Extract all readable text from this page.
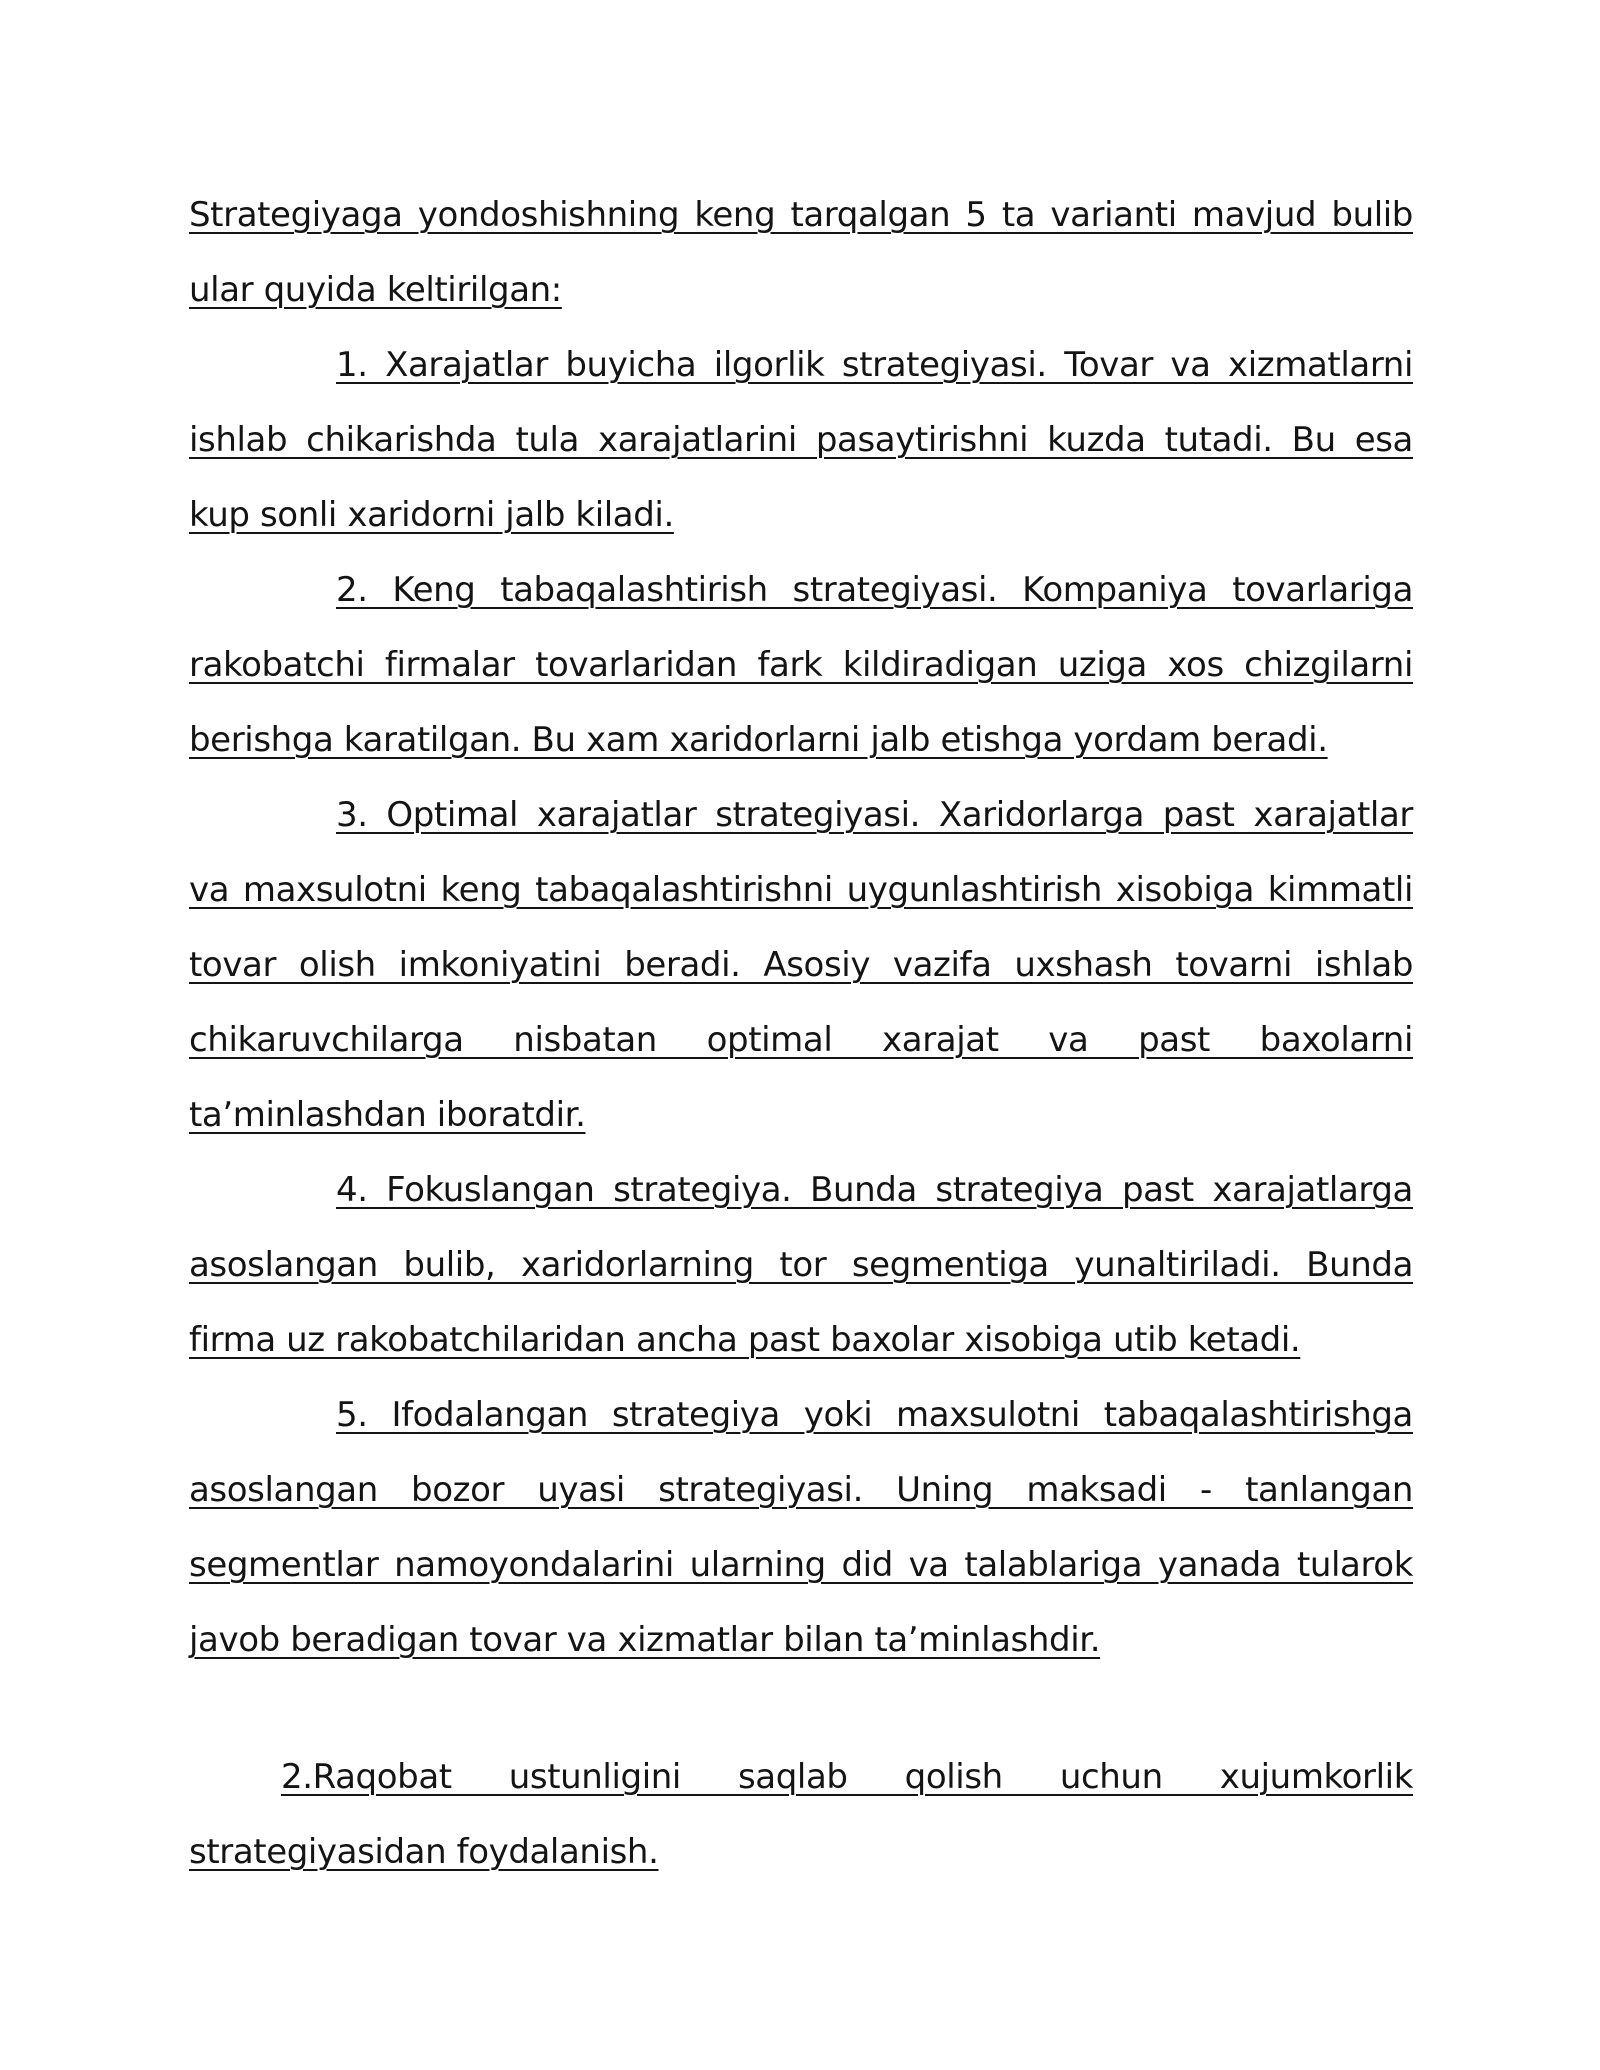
Strategiyaga yondoshishning keng tarqalgan 5 ta varianti mavjud bulib ular quyida keltirilgan:

1. Xarajatlar buyicha ilgorlik strategiyasi. Tovar va xizmatlarni ishlab chikarishda tula xarajatlarini pasaytirishni kuzda tutadi. Bu esa kup sonli xaridorni jalb kiladi.

2. Keng tabaqalashtirish strategiyasi. Kompaniya tovarlariga rakobatchi firmalar tovarlaridan fark kildiradigan uziga xos chizgilarni berishga karatilgan. Bu xam xaridorlarni jalb etishga yordam beradi.

3. Optimal xarajatlar strategiyasi. Xaridorlarga past xarajatlar va maxsulotni keng tabaqalashtirishni uygunlashtirish xisobiga kimmatli tovar olish imkoniyatini beradi. Asosiy vazifa uxshash tovarni ishlab chikaruvchilarga nisbatan optimal xarajat va past baxolarni ta’minlashdan iboratdir.

4. Fokuslangan strategiya. Bunda strategiya past xarajatlarga asoslangan bulib, xaridorlarning tor segmentiga yunaltiriladi. Bunda firma uz rakobatchilaridan ancha past baxolar xisobiga utib ketadi.

5. Ifodalangan strategiya yoki maxsulotni tabaqalashtirishga asoslangan bozor uyasi strategiyasi. Uning maksadi - tanlangan segmentlar namoyondalarini ularning did va talablariga yanada tularok javob beradigan tovar va xizmatlar bilan ta’minlashdir.

2.Raqobat ustunligini saqlab qolish uchun xujumkorlik strategiyasidan foydalanish.
